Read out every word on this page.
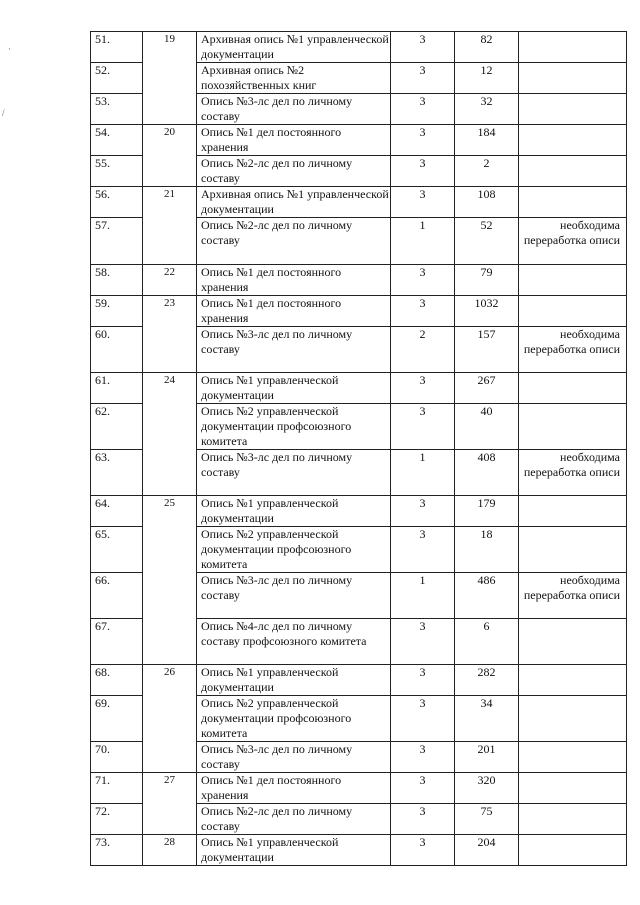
51.	19	Архивная опись №1 управленческой документации	3	82	
52.		Архивная опись №2 похозяйственных книг	3	12	
53.		Опись №3-лс дел по личному составу	3	32	
54.	20	Опись №1 дел постоянного хранения	3	184	
55.		Опись №2-лс дел по личному составу	3	2	
56.	21	Архивная опись №1 управленческой документации	3	108	
57.		Опись №2-лс дел по личному составу	1	52	необходима переработка описи
58.	22	Опись №1 дел постоянного хранения	3	79	
59.	23	Опись №1 дел постоянного хранения	3	1032	
60.		Опись №3-лс дел по личному составу	2	157	необходима переработка описи
61.	24	Опись №1 управленческой документации	3	267	
62.		Опись №2 управленческой документации профсоюзного комитета	3	40	
63.		Опись №3-лс дел по личному составу	1	408	необходима переработка описи
64.	25	Опись №1 управленческой документации	3	179	
65.		Опись №2 управленческой документации профсоюзного комитета	3	18	
66.		Опись №3-лс дел по личному составу	1	486	необходима переработка описи
67.		Опись №4-лс дел по личному составу профсоюзного комитета	3	6	
68.	26	Опись №1 управленческой документации	3	282	
69.		Опись №2 управленческой документации профсоюзного комитета	3	34	
70.		Опись №3-лс дел по личному составу	3	201	
71.	27	Опись №1 дел постоянного хранения	3	320	
72.		Опись №2-лс дел по личному составу	3	75	
73.	28	Опись №1 управленческой документации	3	204	
·
/
